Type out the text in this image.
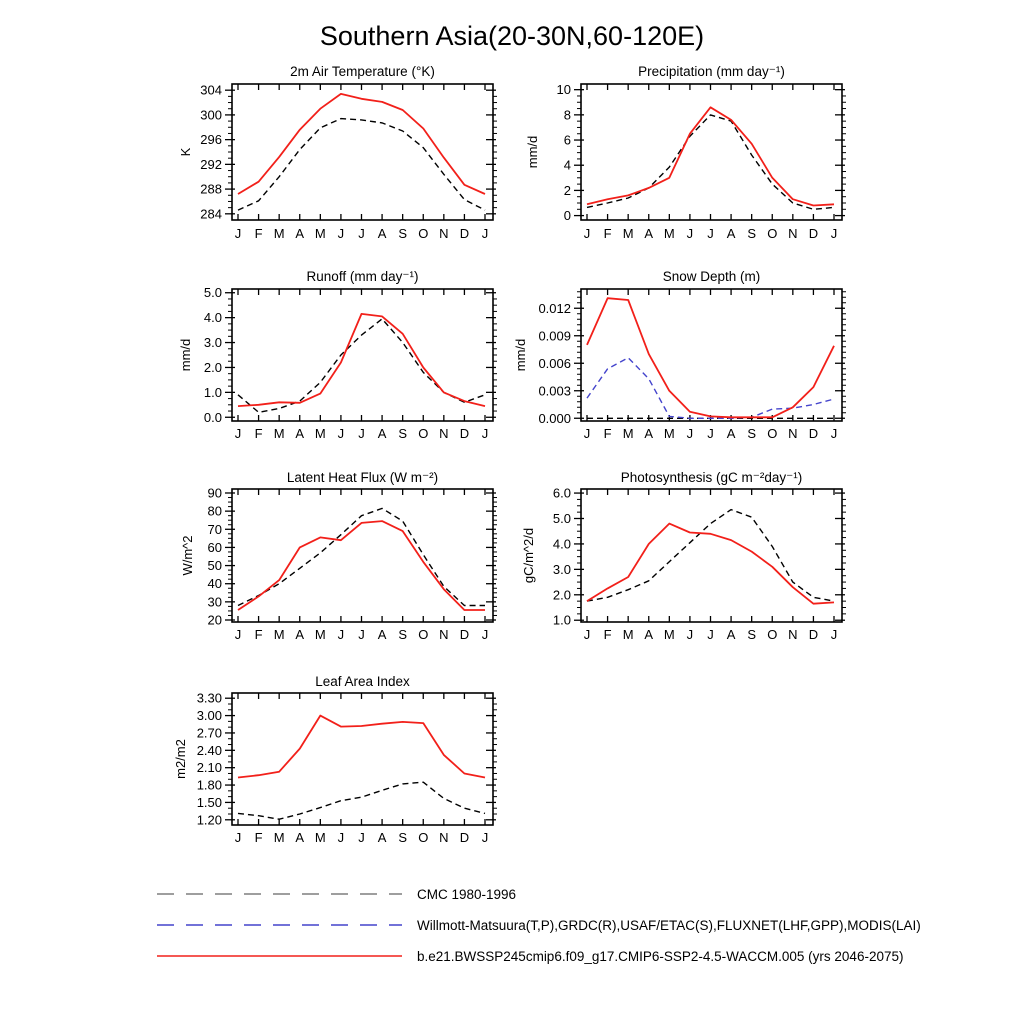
Southern Asia(20-30N,60-120E)
2m Air Temperature (°K)
K
284
288
292
296
300
304
J F M A M J J A S O N D J
Precipitation (mm day⁻¹)
mm/d
0
2
4
6
8
10
J F M A M J J A S O N D J
Runoff (mm day⁻¹)
mm/d
0.0
1.0
2.0
3.0
4.0
5.0
J F M A M J J A S O N D J
Snow Depth (m)
mm/d
0.000
0.003
0.006
0.009
0.012
J F M A M J J A S O N D J
Latent Heat Flux (W m⁻²)
W/m^2
20
30
40
50
60
70
80
90
J F M A M J J A S O N D J
Photosynthesis (gC m⁻²day⁻¹)
gC/m^2/d
1.0
2.0
3.0
4.0
5.0
6.0
J F M A M J J A S O N D J
Leaf Area Index
m2/m2
1.20
1.50
1.80
2.10
2.40
2.70
3.00
3.30
J F M A M J J A S O N D J
CMC 1980-1996
Willmott-Matsuura(T,P),GRDC(R),USAF/ETAC(S),FLUXNET(LHF,GPP),MODIS(LAI)
b.e21.BWSSP245cmip6.f09_g17.CMIP6-SSP2-4.5-WACCM.005 (yrs 2046-2075)
